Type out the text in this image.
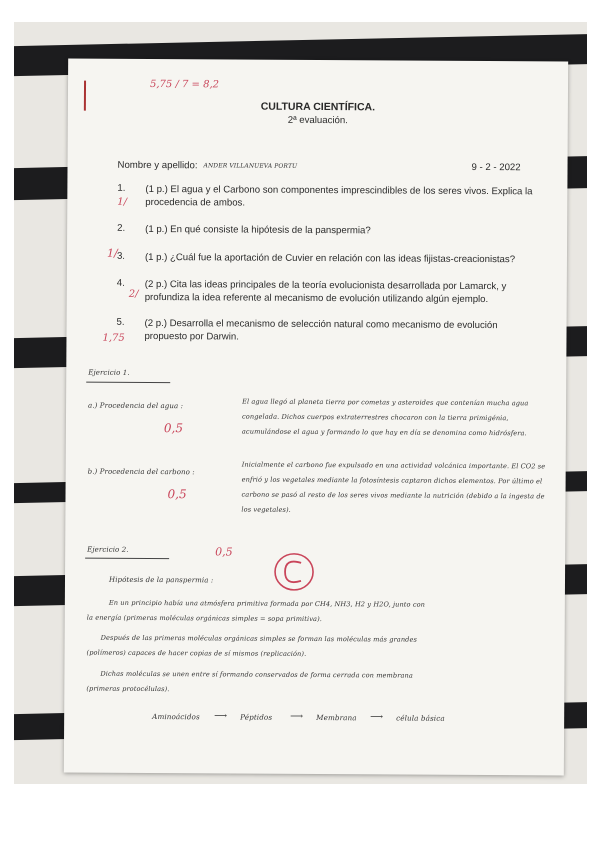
5,75 / 7 = 8,2
CULTURA CIENTÍFICA.
2ª evaluación.
Nombre y apellido: ANDER VILLANUEVA PORTU	9 - 2 - 2022
1. (1 p.) El agua y el Carbono son componentes imprescindibles de los seres vivos. Explica la procedencia de ambos.
1/
2. (1 p.) En qué consiste la hipótesis de la panspermia?
3. (1 p.) ¿Cuál fue la aportación de Cuvier en relación con las ideas fijistas-creacionistas?
1/
4. (2 p.) Cita las ideas principales de la teoría evolucionista desarrollada por Lamarck, y profundiza la idea referente al mecanismo de evolución utilizando algún ejemplo.
2/
5. (2 p.) Desarrolla el mecanismo de selección natural como mecanismo de evolución propuesto por Darwin.
1,75
Ejercicio 1.
a.) Procedencia del agua :	El agua llegó al planeta tierra por cometas y asteroides que contenían mucha agua congelada. Dichos cuerpos extraterrestres chocaron con la tierra primigénia, acumulándose el agua y formando lo que hay en día se denomina como hidrósfera.
0,5
b.) Procedencia del carbono :
Inicialmente el carbono fue expulsado en una actividad volcánica importante. El CO2 se enfrió y los vegetales mediante la fotosíntesis captaron dichos elementos. Por último el carbono se pasó al resto de los seres vivos mediante la nutrición (debido a la ingesta de los vegetales).
0,5
Ejercicio 2.	0,5
Hipótesis de la panspermia :
En un principio había una atmósfera primitiva formada por CH4, NH3, H2 y H2O, junto con
la energía (primeras moléculas orgánicas simples = sopa primitiva).
Después de las primeras moléculas orgánicas simples se forman las moléculas más grandes
(polímeros) capaces de hacer copias de sí mismos (replicación).
Dichas moléculas se unen entre sí formando conservados de forma cerrada con membrana
(primeras protocélulas).
Aminoácidos ⟶ Péptidos ⟶ Membrana ⟶ célula básica
